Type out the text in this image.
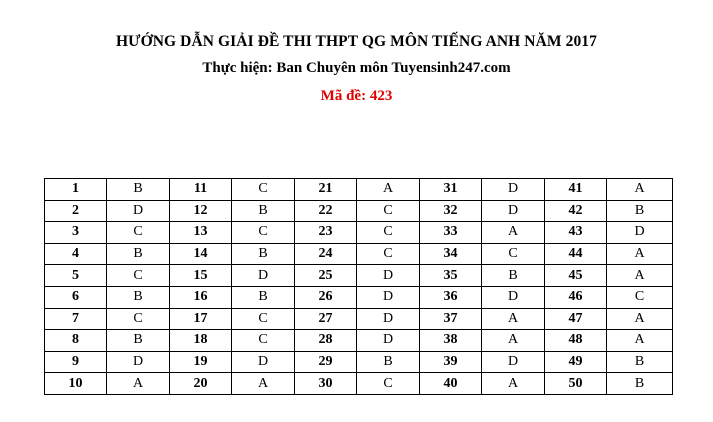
HƯỚNG DẪN GIẢI ĐỀ THI THPT QG MÔN TIẾNG ANH NĂM 2017
Thực hiện: Ban Chuyên môn Tuyensinh247.com
Mã đề: 423
1	B	11	C	21	A	31	D	41	A
2	D	12	B	22	C	32	D	42	B
3	C	13	C	23	C	33	A	43	D
4	B	14	B	24	C	34	C	44	A
5	C	15	D	25	D	35	B	45	A
6	B	16	B	26	D	36	D	46	C
7	C	17	C	27	D	37	A	47	A
8	B	18	C	28	D	38	A	48	A
9	D	19	D	29	B	39	D	49	B
10	A	20	A	30	C	40	A	50	B
